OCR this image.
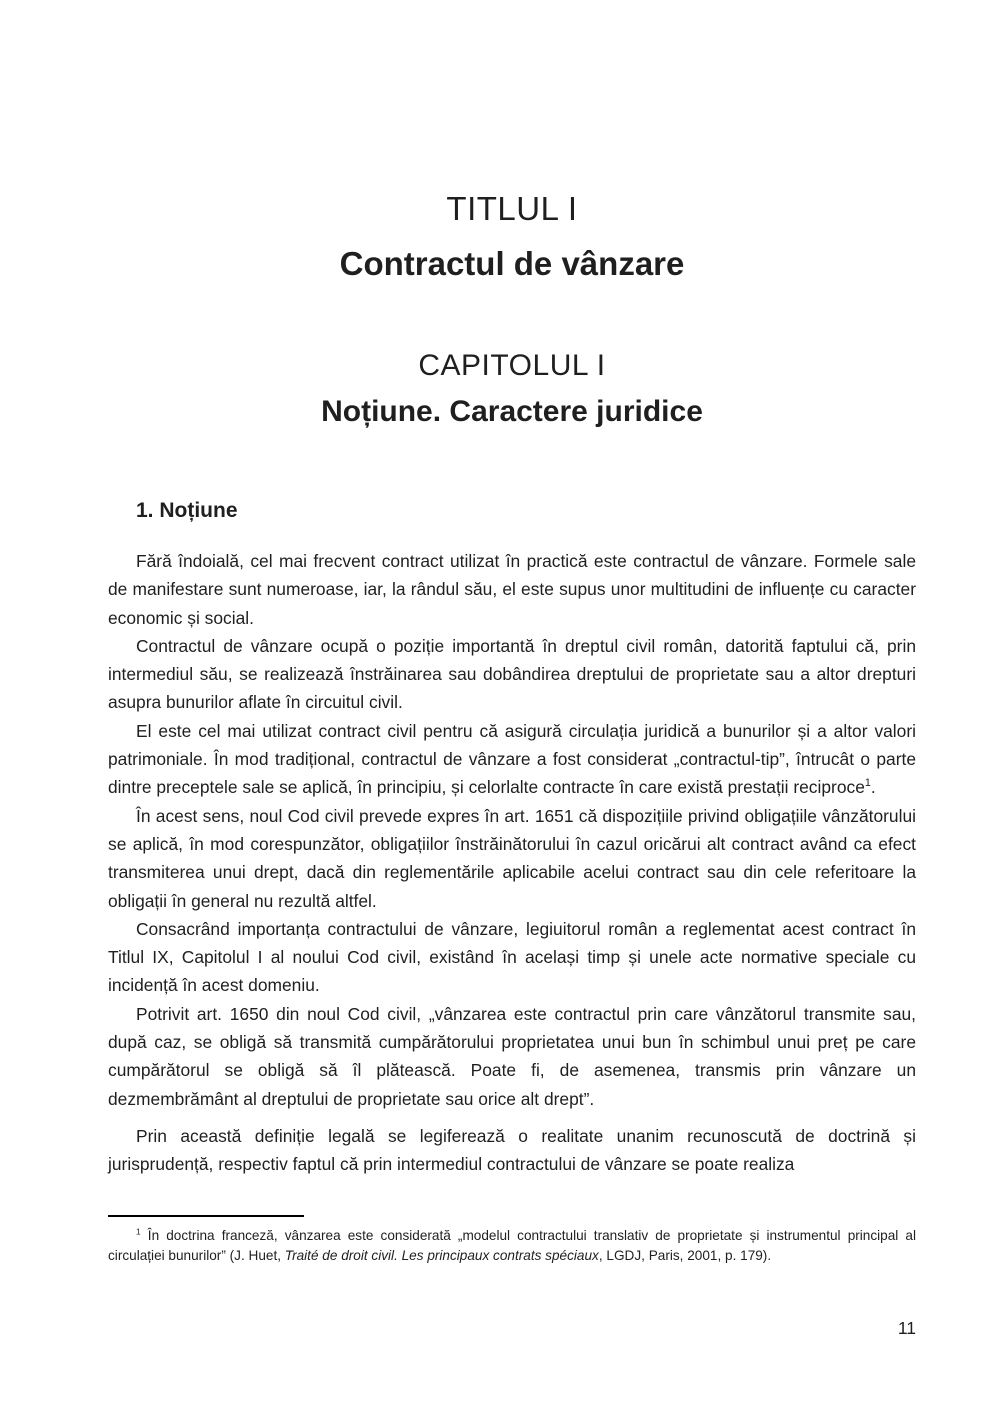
TITLUL I
Contractul de vânzare
CAPITOLUL I
Noțiune. Caractere juridice
1. Noțiune

Fără îndoială, cel mai frecvent contract utilizat în practică este contractul de vânzare. Formele sale de manifestare sunt numeroase, iar, la rândul său, el este supus unor multitudini de influențe cu caracter economic și social.

Contractul de vânzare ocupă o poziție importantă în dreptul civil român, datorită faptului că, prin intermediul său, se realizează înstrăinarea sau dobândirea dreptului de proprietate sau a altor drepturi asupra bunurilor aflate în circuitul civil.

El este cel mai utilizat contract civil pentru că asigură circulația juridică a bunurilor și a altor valori patrimoniale. În mod tradițional, contractul de vânzare a fost considerat „contractul-tip”, întrucât o parte dintre preceptele sale se aplică, în principiu, și celorlalte contracte în care există prestații reciproce$^1$.

În acest sens, noul Cod civil prevede expres în art. 1651 că dispozițiile privind obligațiile vânzătorului se aplică, în mod corespunzător, obligațiilor înstrăinătorului în cazul oricărui alt contract având ca efect transmiterea unui drept, dacă din reglementările aplicabile acelui contract sau din cele referitoare la obligații în general nu rezultă altfel.

Consacrând importanța contractului de vânzare, legiuitorul român a reglementat acest contract în Titlul IX, Capitolul I al noului Cod civil, existând în același timp și unele acte normative speciale cu incidență în acest domeniu.

Potrivit art. 1650 din noul Cod civil, „vânzarea este contractul prin care vânzătorul transmite sau, după caz, se obligă să transmită cumpărătorului proprietatea unui bun în schimbul unui preț pe care cumpărătorul se obligă să îl plătească. Poate fi, de asemenea, transmis prin vânzare un dezmembrământ al dreptului de proprietate sau orice alt drept”.

Prin această definiție legală se legiferează o realitate unanim recunoscută de doctrină și jurisprudență, respectiv faptul că prin intermediul contractului de vânzare se poate realiza

$^1$ În doctrina franceză, vânzarea este considerată „modelul contractului translativ de proprietate și instrumentul principal al circulației bunurilor” (J. Huet, Traité de droit civil. Les principaux contrats spéciaux, LGDJ, Paris, 2001, p. 179).

11
